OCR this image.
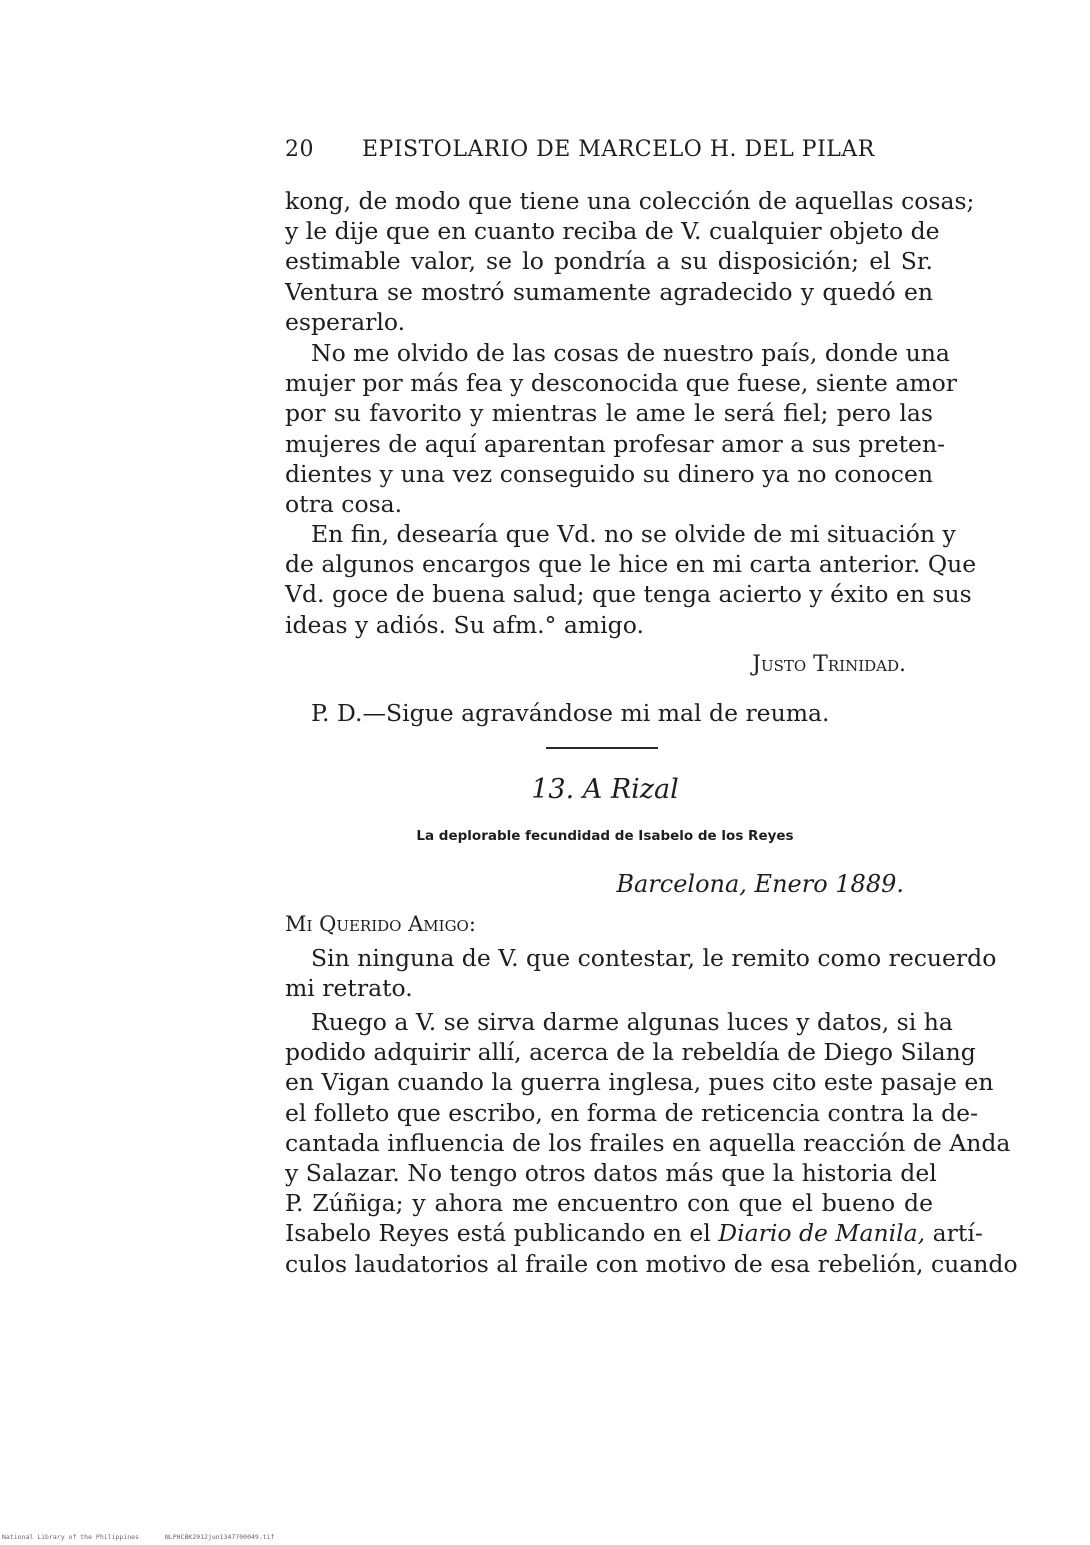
20 EPISTOLARIO DE MARCELO H. DEL PILAR
kong, de modo que tiene una colección de aquellas cosas;
y le dije que en cuanto reciba de V. cualquier objeto de
estimable valor, se lo pondría a su disposición; el Sr.
Ventura se mostró sumamente agradecido y quedó en
esperarlo.
No me olvido de las cosas de nuestro país, donde una
mujer por más fea y desconocida que fuese, siente amor
por su favorito y mientras le ame le será fiel; pero las
mujeres de aquí aparentan profesar amor a sus preten-
dientes y una vez conseguido su dinero ya no conocen
otra cosa.
En fin, desearía que Vd. no se olvide de mi situación y
de algunos encargos que le hice en mi carta anterior. Que
Vd. goce de buena salud; que tenga acierto y éxito en sus
ideas y adiós. Su afm.° amigo.
Justo Trinidad.
P. D.—Sigue agravándose mi mal de reuma.
13. A Rizal
La deplorable fecundidad de Isabelo de los Reyes
Barcelona, Enero 1889.
Mi Querido Amigo:
Sin ninguna de V. que contestar, le remito como recuerdo
mi retrato.
Ruego a V. se sirva darme algunas luces y datos, si ha
podido adquirir allí, acerca de la rebeldía de Diego Silang
en Vigan cuando la guerra inglesa, pues cito este pasaje en
el folleto que escribo, en forma de reticencia contra la de-
cantada influencia de los frailes en aquella reacción de Anda
y Salazar. No tengo otros datos más que la historia del
P. Zúñiga; y ahora me encuentro con que el bueno de
Isabelo Reyes está publicando en el Diario de Manila, artí-
culos laudatorios al fraile con motivo de esa rebelión, cuando
National Library of the Philippines	NLPHCBK2012jun1347700049.tif
